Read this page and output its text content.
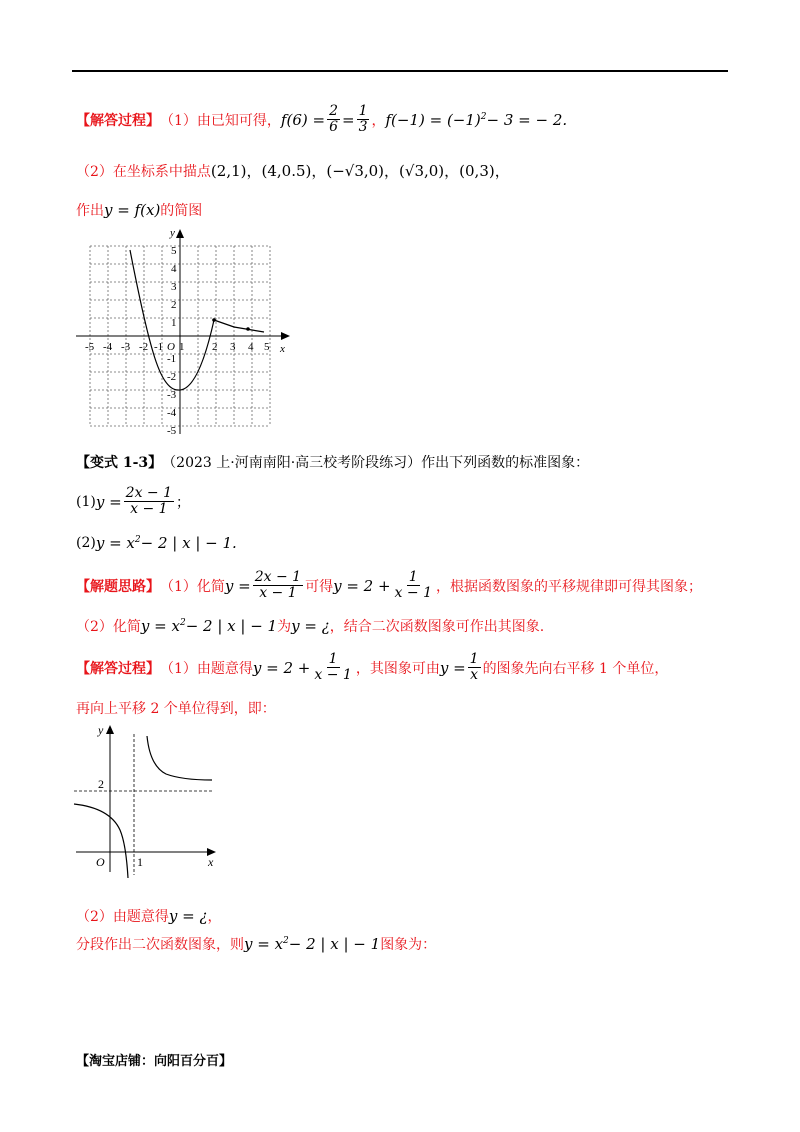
【解答过程】 （1）由已知可得， $f(6) = \frac{2}{6} = \frac{1}{3}$ ， $f(-1) = (-1)^2- 3$ = − 2.
（2）在坐标系中描点 (2,1)，(4,0.5)，(−√3,0)，(√3,0)，(0,3)，
作出 y = f(x) 的简图
-5 -4 -3 -2 -1 O 1	2 3 4 5 x
y
5
4
3
2
1
-1
-2
-3
-4
-5
【变式 1-3】 （2023 上·河南南阳·高三校考阶段练习）作出下列函数的标准图象：
(1) $y = \frac{2x - 1}{x - 1}$ ；
(2) $y = x^2- 2$ | x | − 1.
【解题思路】 （1）化简 $y = \frac{2x - 1}{x - 1}$ 可得 $y = 2 + \frac{1}{x - 1}$ ，根据函数图象的平移规律即可得其图象；
（2）化简 $y = x^2- 2$ | x | − 1 为 y = ¿ ，结合二次函数图象可作出其图象.
【解答过程】 （1）由题意得 $y = 2 + \frac{1}{x - 1}$ ，其图象可由 $y = \frac{1}{x}$ 的图象先向右平移 1 个单位，
再向上平移 2 个单位得到，即：
y
x
O	1
2
（2）由题意得 y = ¿ ，
分段作出二次函数图象，则 $y = x^2- 2$ | x | − 1 图象为：
【淘宝店铺：向阳百分百】
